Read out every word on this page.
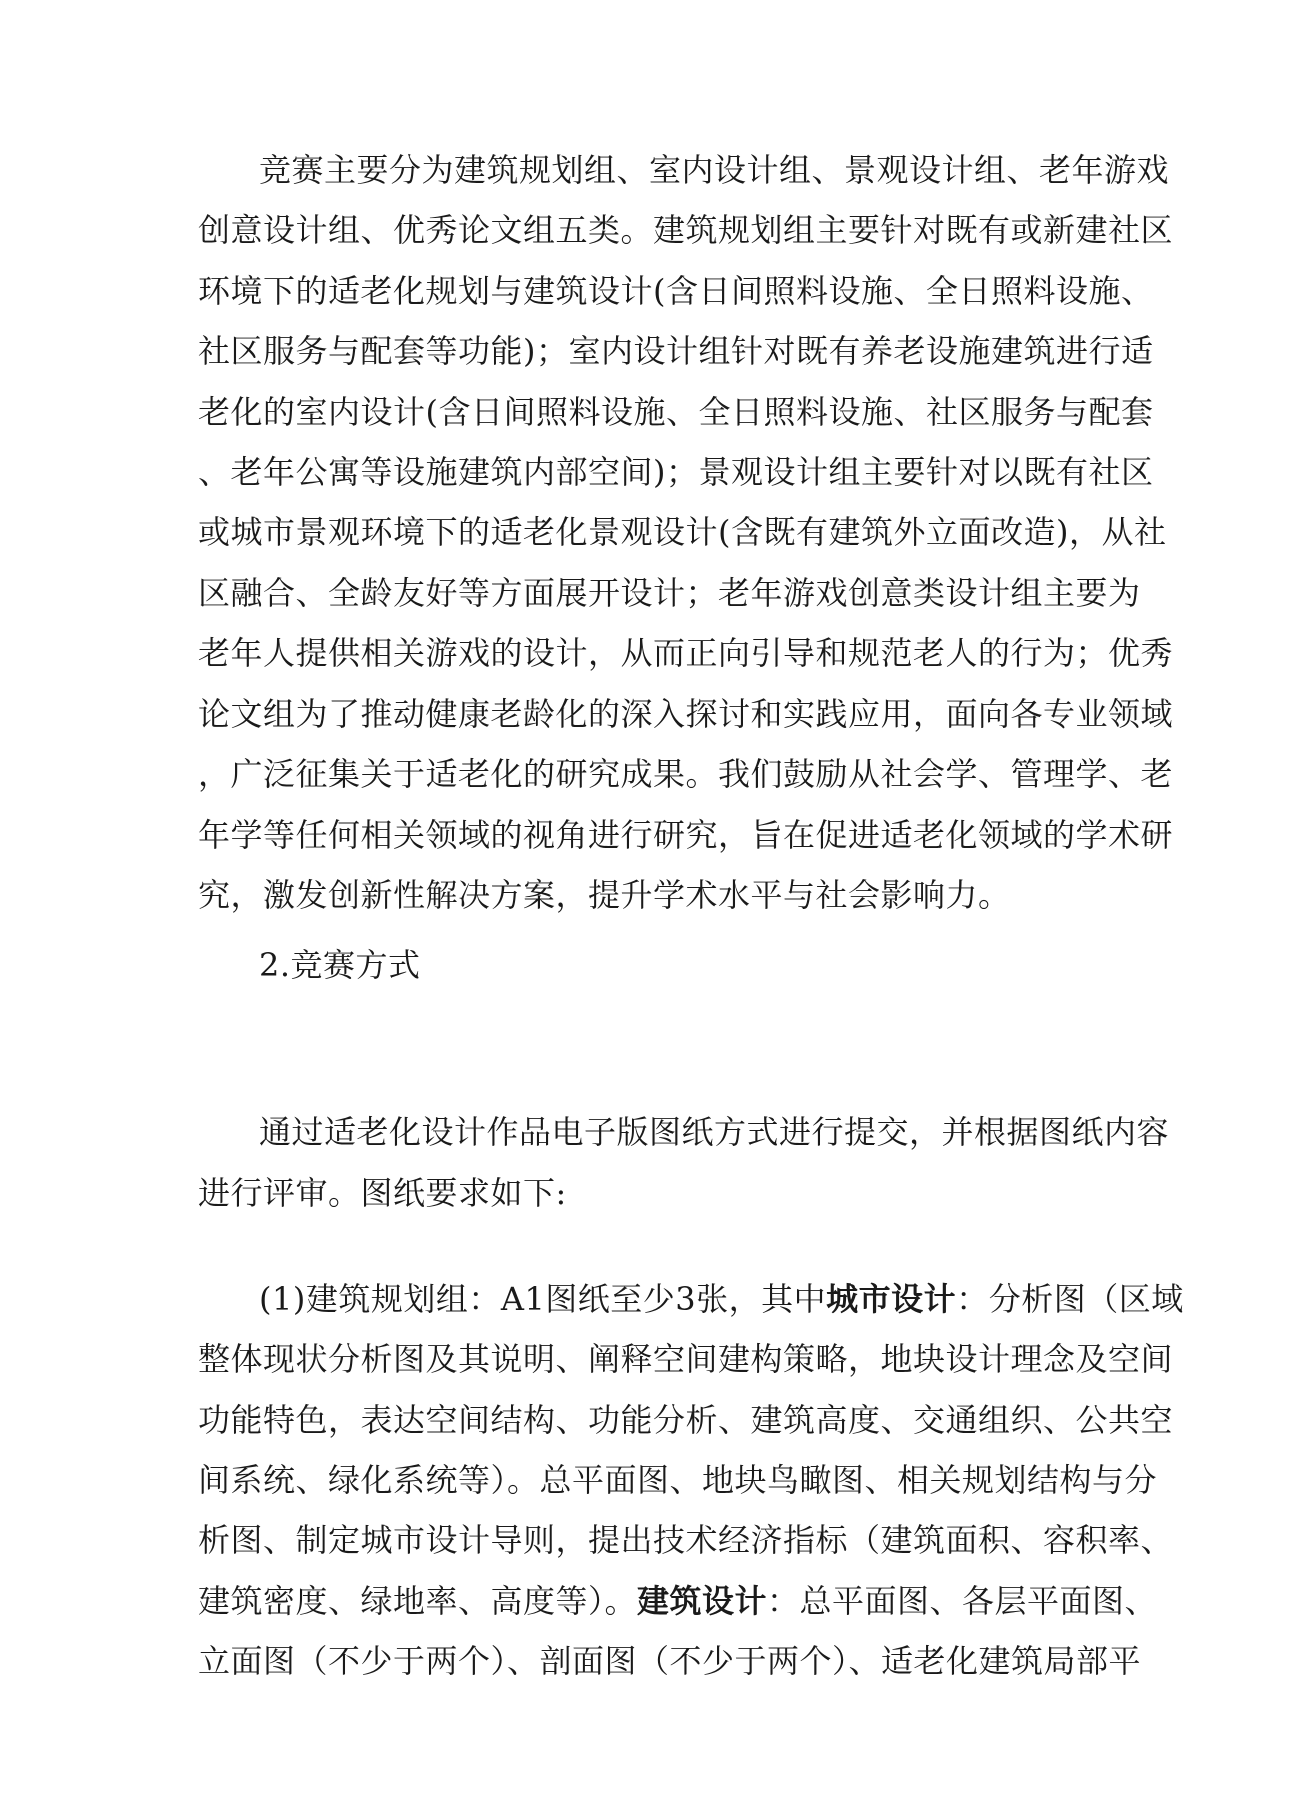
竞赛主要分为建筑规划组、室内设计组、景观设计组、老年游戏
创意设计组、优秀论文组五类。建筑规划组主要针对既有或新建社区
环境下的适老化规划与建筑设计(含日间照料设施、全日照料设施、
社区服务与配套等功能)；室内设计组针对既有养老设施建筑进行适
老化的室内设计(含日间照料设施、全日照料设施、社区服务与配套
、老年公寓等设施建筑内部空间)；景观设计组主要针对以既有社区
或城市景观环境下的适老化景观设计(含既有建筑外立面改造)，从社
区融合、全龄友好等方面展开设计；老年游戏创意类设计组主要为
老年人提供相关游戏的设计，从而正向引导和规范老人的行为；优秀
论文组为了推动健康老龄化的深入探讨和实践应用，面向各专业领域
，广泛征集关于适老化的研究成果。我们鼓励从社会学、管理学、老
年学等任何相关领域的视角进行研究，旨在促进适老化领域的学术研
究，激发创新性解决方案，提升学术水平与社会影响力。
2.竞赛方式
通过适老化设计作品电子版图纸方式进行提交，并根据图纸内容
进行评审。图纸要求如下:
(1)建筑规划组：A1图纸至少3张，其中城市设计：分析图（区域
整体现状分析图及其说明、阐释空间建构策略，地块设计理念及空间
功能特色，表达空间结构、功能分析、建筑高度、交通组织、公共空
间系统、绿化系统等）。总平面图、地块鸟瞰图、相关规划结构与分
析图、制定城市设计导则，提出技术经济指标（建筑面积、容积率、
建筑密度、绿地率、高度等）。建筑设计：总平面图、各层平面图、
立面图（不少于两个）、剖面图（不少于两个）、适老化建筑局部平
